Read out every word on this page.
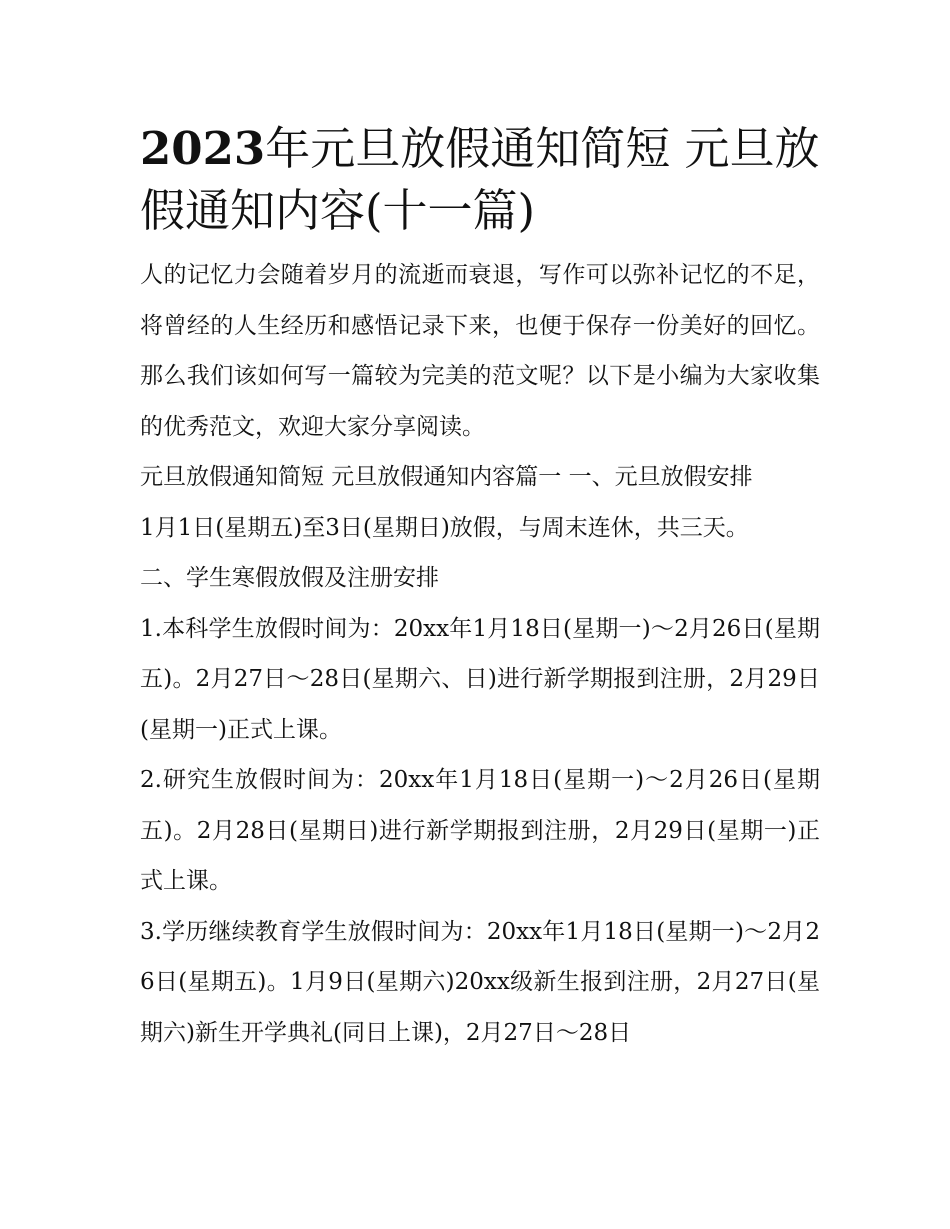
2023年元旦放假通知简短 元旦放假通知内容(十一篇)

人的记忆力会随着岁月的流逝而衰退，写作可以弥补记忆的不足，将曾经的人生经历和感悟记录下来，也便于保存一份美好的回忆。那么我们该如何写一篇较为完美的范文呢？以下是小编为大家收集的优秀范文，欢迎大家分享阅读。

元旦放假通知简短 元旦放假通知内容篇一 一、元旦放假安排

1月1日(星期五)至3日(星期日)放假，与周末连休，共三天。

二、学生寒假放假及注册安排

1.本科学生放假时间为：20xx年1月18日(星期一)～2月26日(星期五)。2月27日～28日(星期六、日)进行新学期报到注册，2月29日(星期一)正式上课。

2.研究生放假时间为：20xx年1月18日(星期一)～2月26日(星期五)。2月28日(星期日)进行新学期报到注册，2月29日(星期一)正式上课。

3.学历继续教育学生放假时间为：20xx年1月18日(星期一)～2月26日(星期五)。1月9日(星期六)20xx级新生报到注册，2月27日(星期六)新生开学典礼(同日上课)，2月27日～28日
